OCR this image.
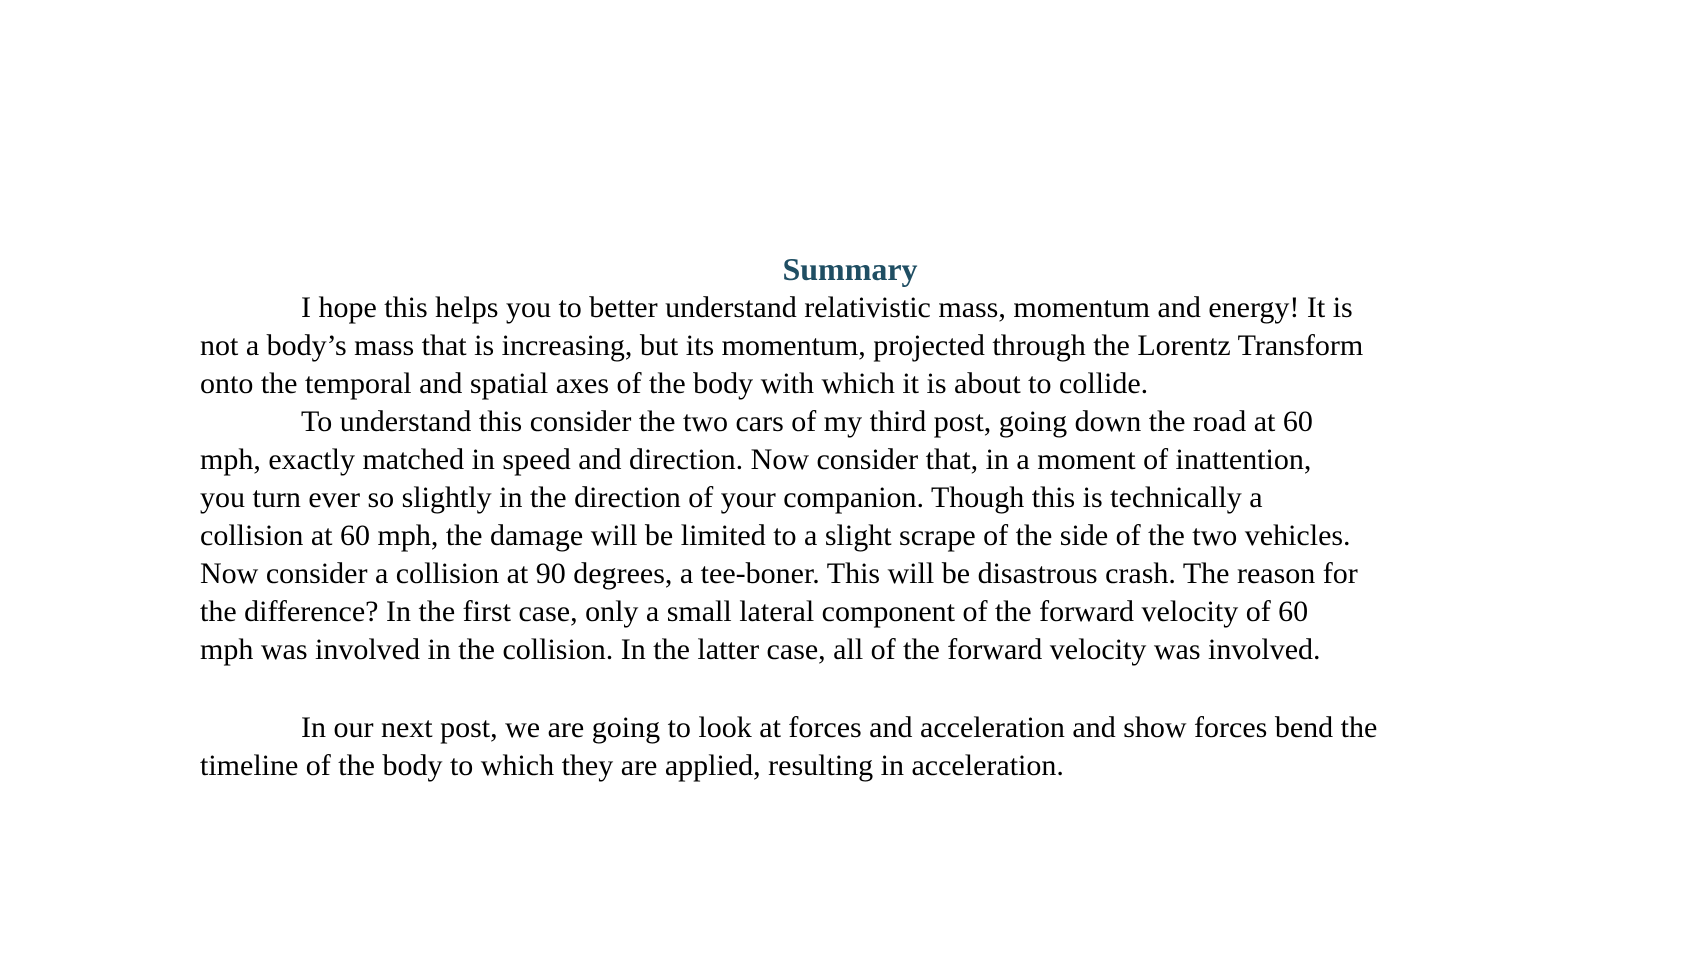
Summary
I hope this helps you to better understand relativistic mass, momentum and energy! It is
not a body’s mass that is increasing, but its momentum, projected through the Lorentz Transform
onto the temporal and spatial axes of the body with which it is about to collide.
To understand this consider the two cars of my third post, going down the road at 60
mph, exactly matched in speed and direction. Now consider that, in a moment of inattention,
you turn ever so slightly in the direction of your companion. Though this is technically a
collision at 60 mph, the damage will be limited to a slight scrape of the side of the two vehicles.
Now consider a collision at 90 degrees, a tee-boner. This will be disastrous crash. The reason for
the difference? In the first case, only a small lateral component of the forward velocity of 60
mph was involved in the collision. In the latter case, all of the forward velocity was involved.
In our next post, we are going to look at forces and acceleration and show forces bend the
timeline of the body to which they are applied, resulting in acceleration.
